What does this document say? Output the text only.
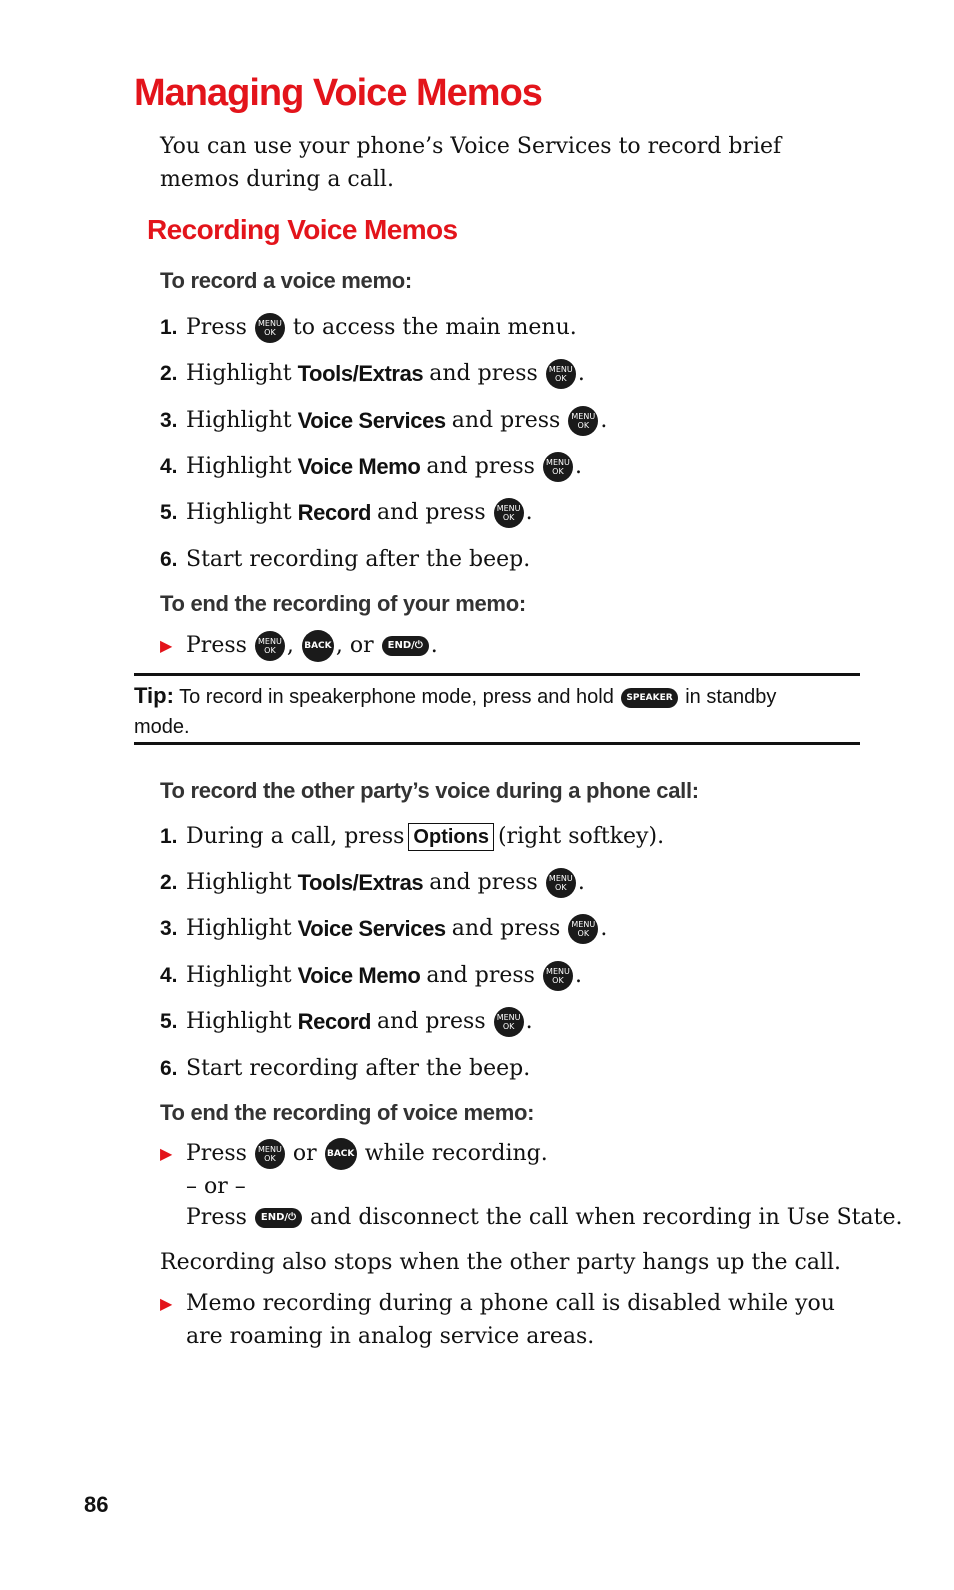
Managing Voice Memos
You can use your phone’s Voice Services to record brief memos during a call.
Recording Voice Memos
To record a voice memo:
1. Press	MENU
OK to access the main menu.
2. Highlight Tools/Extras and press	MENU
OK .
3. Highlight Voice Services and press	MENU
OK .
4. Highlight Voice Memo and press	MENU
OK .
5. Highlight Record and press	MENU
OK .
6. Start recording after the beep.
To end the recording of your memo:
▶ Press	MENU
OK , BACK , or	END/⏻ .
Tip: To record in speakerphone mode, press and hold SPEAKER in standby
mode.
To record the other party’s voice during a phone call:
1. During a call, press Options (right softkey).
2. Highlight Tools/Extras and press	MENU
OK .
3. Highlight Voice Services and press	MENU
OK .
4. Highlight Voice Memo and press	MENU
OK .
5. Highlight Record and press	MENU
OK .
6. Start recording after the beep.
To end the recording of voice memo:
▶ Press	MENU
OK or BACK while recording.
– or –
Press	END/⏻ and disconnect the call when recording in Use State.
Recording also stops when the other party hangs up the call.
▶ Memo recording during a phone call is disabled while you are roaming in analog service areas.
86
